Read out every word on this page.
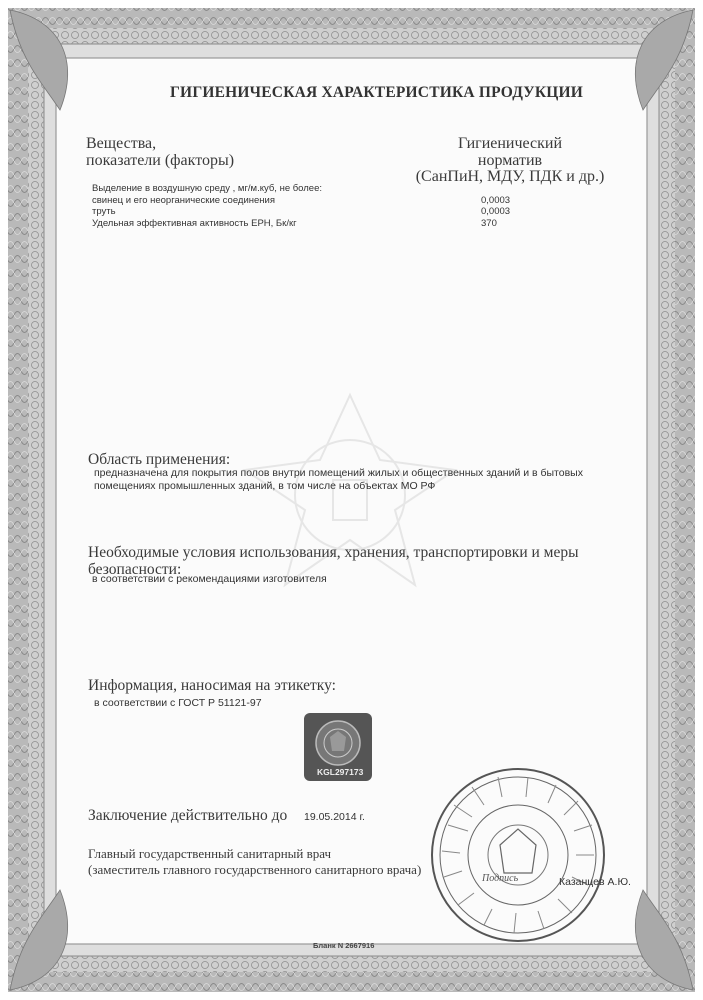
ГИГИЕНИЧЕСКАЯ ХАРАКТЕРИСТИКА ПРОДУКЦИИ
Вещества,
показатели (факторы)
Гигиенический
норматив
(СанПиН, МДУ, ПДК и др.)
Выделение в воздушную среду , мг/м.куб, не более:
свинец и его неорганические соединения	0,0003
труть	0,0003
Удельная эффективная активность ЕРН, Бк/кг	370
Область применения:
предназначена для покрытия полов внутри помещений жилых и общественных зданий и в бытовых
помещениях промышленных зданий, в том числе на объектах МО РФ
Необходимые условия использования, хранения, транспортировки и меры
безопасности:
в соответствии с рекомендациями изготовителя
Информация, наносимая на этикетку:
в соответствии с ГОСТ Р 51121-97
KGL297173
Заключение действительно до 19.05.2014 г.
Главный государственный санитарный врач
(заместитель главного государственного санитарного врача)
Подпись	Казанцев А.Ю.
Бланк N 2667916
